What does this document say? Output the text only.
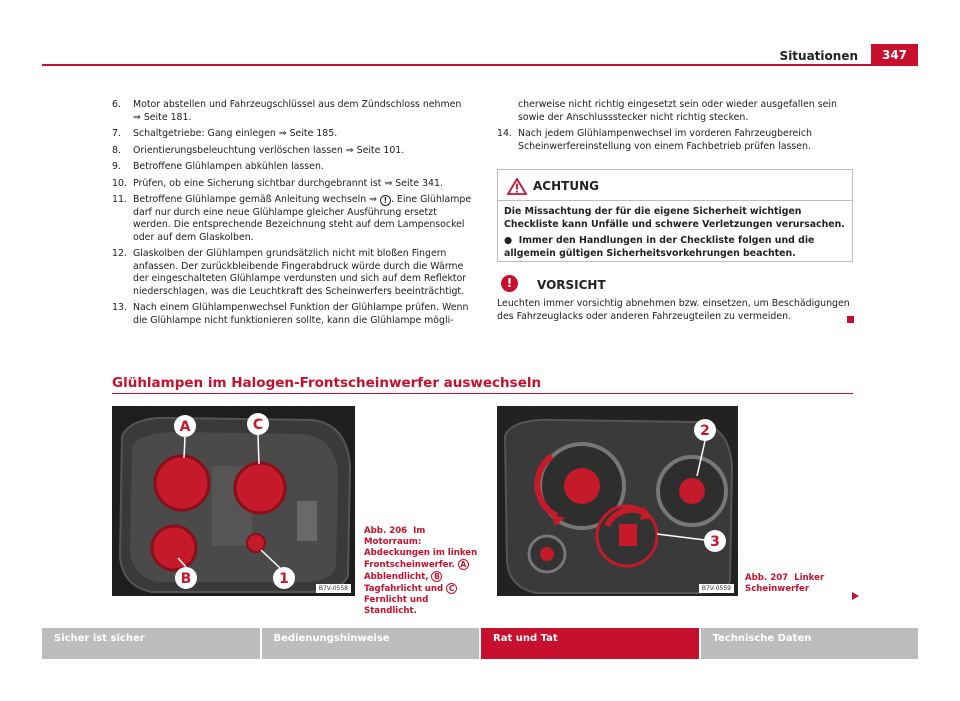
Situationen	347
6.	Motor abstellen und Fahrzeugschlüssel aus dem Zündschloss nehmen ⇒ Seite 181.
7.	Schaltgetriebe: Gang einlegen ⇒ Seite 185.
8.	Orientierungsbeleuchtung verlöschen lassen ⇒ Seite 101.
9.	Betroffene Glühlampen abkühlen lassen.
10. Prüfen, ob eine Sicherung sichtbar durchgebrannt ist ⇒ Seite 341.
11. Betroffene Glühlampe gemäß Anleitung wechseln ⇒ ! . Eine Glühlampe darf nur durch eine neue Glühlampe gleicher Ausführung ersetzt werden. Die entsprechende Bezeichnung steht auf dem Lampensockel oder auf dem Glaskolben.
12. Glaskolben der Glühlampen grundsätzlich nicht mit bloßen Fingern anfassen. Der zurückbleibende Fingerabdruck würde durch die Wärme der eingeschalteten Glühlampe verdunsten und sich auf dem Reflektor niederschlagen, was die Leuchtkraft des Scheinwerfers beeinträchtigt.
13. Nach einem Glühlampenwechsel Funktion der Glühlampe prüfen. Wenn die Glühlampe nicht funktionieren sollte, kann die Glühlampe mögli-
cherweise nicht richtig eingesetzt sein oder wieder ausgefallen sein sowie der Anschlussstecker nicht richtig stecken.
14. Nach jedem Glühlampenwechsel im vorderen Fahrzeugbereich Scheinwerfereinstellung von einem Fachbetrieb prüfen lassen.
ACHTUNG

Die Missachtung der für die eigene Sicherheit wichtigen Checkliste kann Unfälle und schwere Verletzungen verursachen.

●  Immer den Handlungen in der Checkliste folgen und die allgemein gültigen Sicherheitsvorkehrungen beachten.

!	VORSICHT
Leuchten immer vorsichtig abnehmen bzw. einsetzen, um Beschädigungen des Fahrzeuglacks oder anderen Fahrzeugteilen zu vermeiden.
Glühlampen im Halogen-Frontscheinwerfer auswechseln
A	C
B	1
B7V-0558
Abb. 206 Im Motorraum: Abdeckungen im linken Frontscheinwerfer. A Abblendlicht, B Tagfahrlicht und C Fernlicht und Standlicht.
2
3
B7V-0559
Abb. 207 Linker Scheinwerfer
Sicher ist sicher	Bedienungshinweise	Rat und Tat	Technische Daten
